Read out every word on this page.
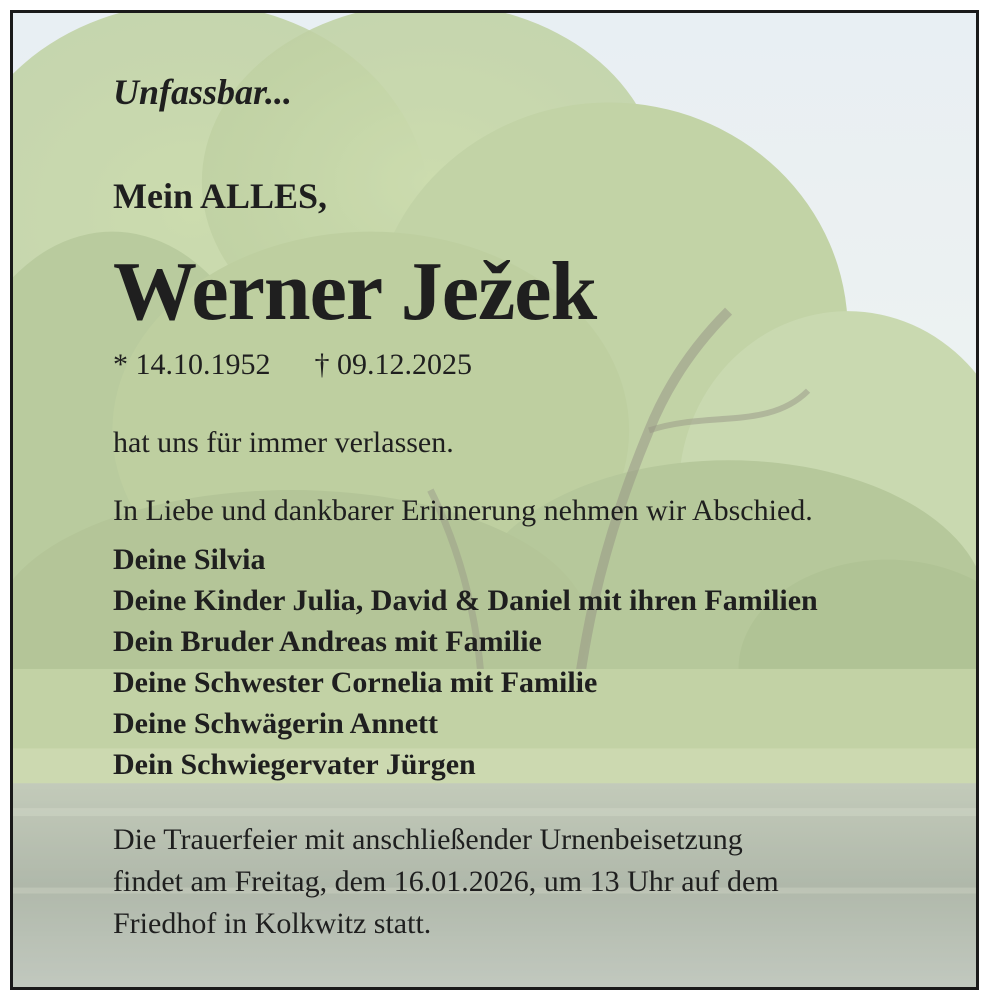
Unfassbar...
Mein ALLES,
Werner Ježek
* 14.10.1952 † 09.12.2025
hat uns für immer verlassen.
In Liebe und dankbarer Erinnerung nehmen wir Abschied.
Deine Silvia
Deine Kinder Julia, David & Daniel mit ihren Familien
Dein Bruder Andreas mit Familie
Deine Schwester Cornelia mit Familie
Deine Schwägerin Annett
Dein Schwiegervater Jürgen
Die Trauerfeier mit anschließender Urnenbeisetzung
findet am Freitag, dem 16.01.2026, um 13 Uhr auf dem
Friedhof in Kolkwitz statt.
